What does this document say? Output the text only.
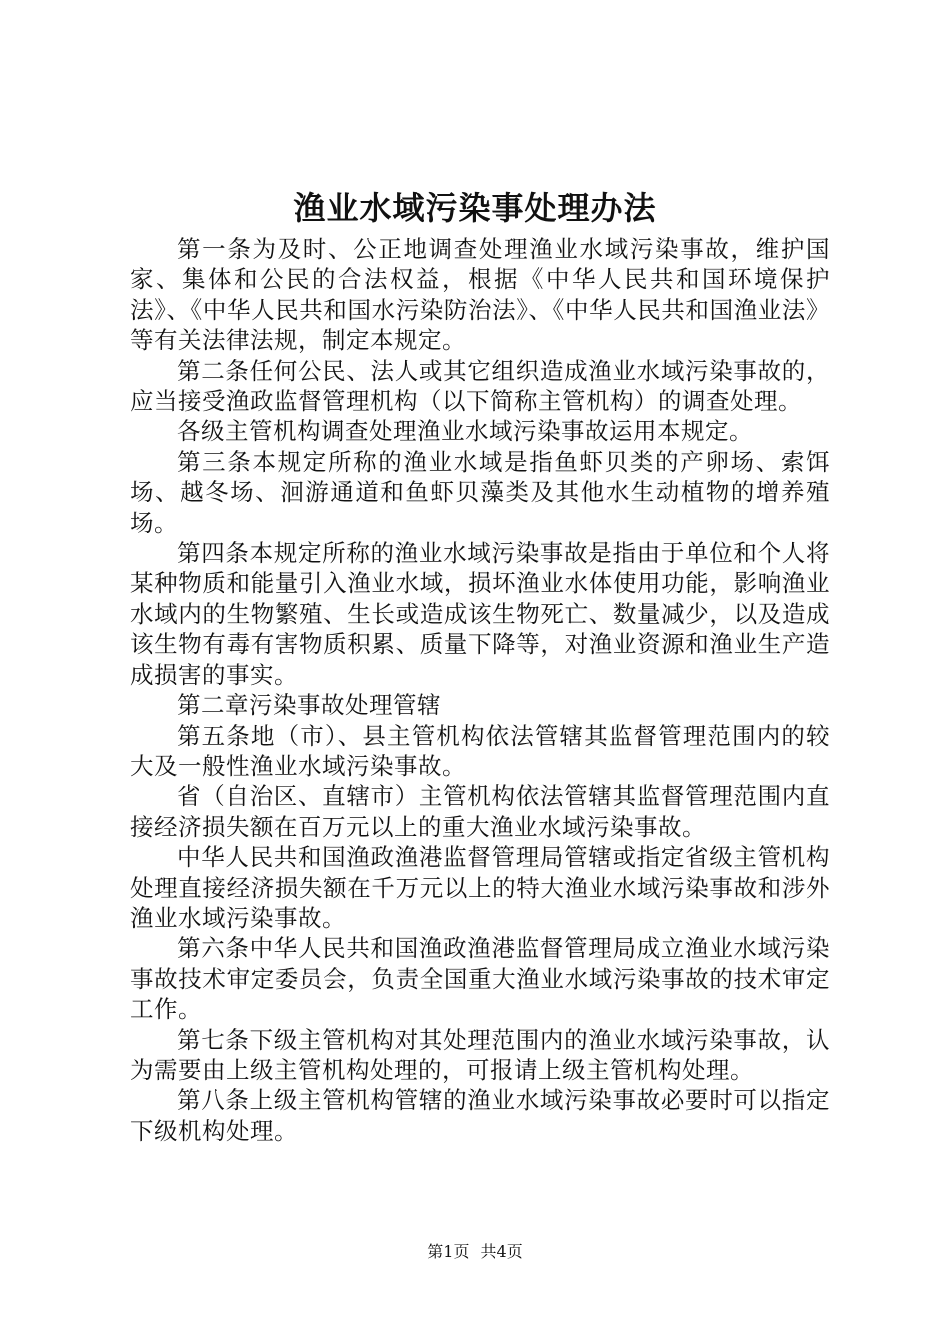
渔业水域污染事处理办法

第一条为及时、公正地调查处理渔业水域污染事故，维护国家、集体和公民的合法权益，根据《中华人民共和国环境保护法》、《中华人民共和国水污染防治法》、《中华人民共和国渔业法》等有关法律法规，制定本规定。

第二条任何公民、法人或其它组织造成渔业水域污染事故的，应当接受渔政监督管理机构（以下简称主管机构）的调查处理。

各级主管机构调查处理渔业水域污染事故运用本规定。

第三条本规定所称的渔业水域是指鱼虾贝类的产卵场、索饵场、越冬场、洄游通道和鱼虾贝藻类及其他水生动植物的增养殖场。

第四条本规定所称的渔业水域污染事故是指由于单位和个人将某种物质和能量引入渔业水域，损坏渔业水体使用功能，影响渔业水域内的生物繁殖、生长或造成该生物死亡、数量减少，以及造成该生物有毒有害物质积累、质量下降等，对渔业资源和渔业生产造成损害的事实。

第二章污染事故处理管辖

第五条地（市）、县主管机构依法管辖其监督管理范围内的较大及一般性渔业水域污染事故。

省（自治区、直辖市）主管机构依法管辖其监督管理范围内直接经济损失额在百万元以上的重大渔业水域污染事故。

中华人民共和国渔政渔港监督管理局管辖或指定省级主管机构处理直接经济损失额在千万元以上的特大渔业水域污染事故和涉外渔业水域污染事故。

第六条中华人民共和国渔政渔港监督管理局成立渔业水域污染事故技术审定委员会，负责全国重大渔业水域污染事故的技术审定工作。

第七条下级主管机构对其处理范围内的渔业水域污染事故，认为需要由上级主管机构处理的，可报请上级主管机构处理。

第八条上级主管机构管辖的渔业水域污染事故必要时可以指定下级机构处理。

第1页 共4页
